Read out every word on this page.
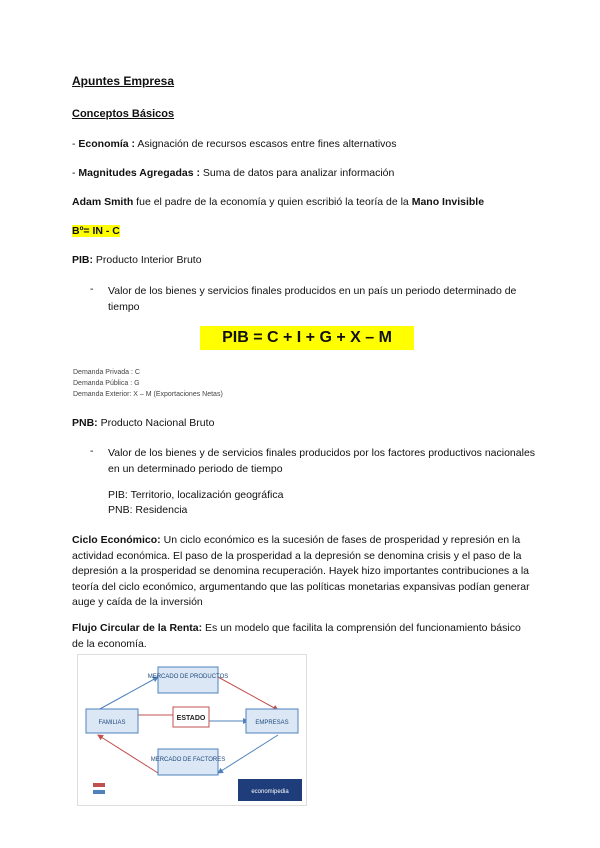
Apuntes Empresa
Conceptos Básicos
- Economía : Asignación de recursos escasos entre fines alternativos
- Magnitudes Agregadas : Suma de datos para analizar información
Adam Smith fue el padre de la economía y quien escribió la teoría de la Mano Invisible
Bº= IN - C
PIB: Producto Interior Bruto
- Valor de los bienes y servicios finales producidos en un país un periodo determinado de tiempo
PIB = C + I + G + X – M
Demanda Privada : C
Demanda Pública : G
Demanda Exterior: X – M (Exportaciones Netas)
PNB: Producto Nacional Bruto
- Valor de los bienes y de servicios finales producidos por los factores productivos nacionales en un determinado periodo de tiempo
PIB: Territorio, localización geográfica
PNB: Residencia
Ciclo Económico: Un ciclo económico es la sucesión de fases de prosperidad y represión en la actividad económica. El paso de la prosperidad a la depresión se denomina crisis y el paso de la depresión a la prosperidad se denomina recuperación. Hayek hizo importantes contribuciones a la teoría del ciclo económico, argumentando que las políticas monetarias expansivas podían generar auge y caída de la inversión
Flujo Circular de la Renta: Es un modelo que facilita la comprensión del funcionamiento básico de la economía.
MERCADO DE PRODUCTOS
FAMILIAS
ESTADO
EMPRESAS
MERCADO DE FACTORES
economipedia
